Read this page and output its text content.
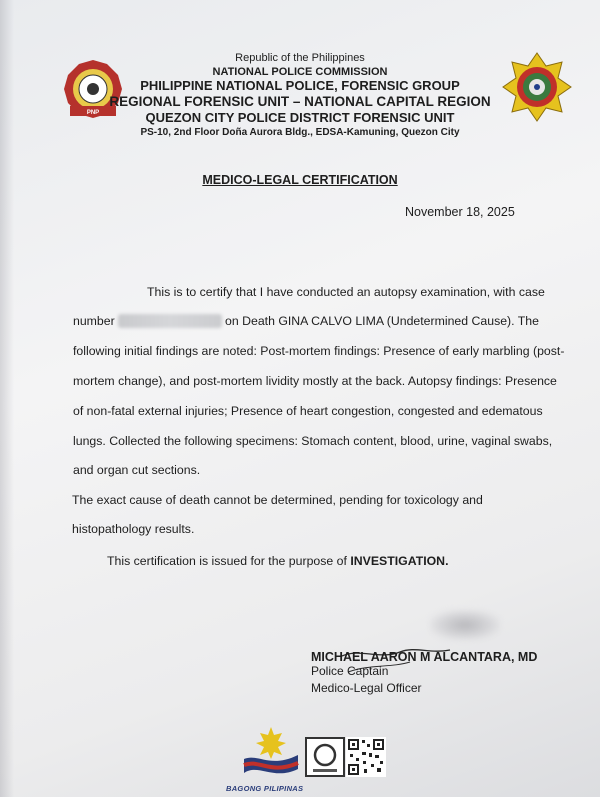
PNP
Republic of the Philippines
NATIONAL POLICE COMMISSION
PHILIPPINE NATIONAL POLICE, FORENSIC GROUP
REGIONAL FORENSIC UNIT – NATIONAL CAPITAL REGION
QUEZON CITY POLICE DISTRICT FORENSIC UNIT
PS-10, 2nd Floor Doña Aurora Bldg., EDSA-Kamuning, Quezon City
MEDICO-LEGAL CERTIFICATION
November 18, 2025
This is to certify that I have conducted an autopsy examination, with case
number	on Death GINA CALVO LIMA (Undetermined Cause). The
following initial findings are noted: Post-mortem findings: Presence of early marbling (post-
mortem change), and post-mortem lividity mostly at the back. Autopsy findings: Presence
of non-fatal external injuries; Presence of heart congestion, congested and edematous
lungs. Collected the following specimens: Stomach content, blood, urine, vaginal swabs,
and organ cut sections.
The exact cause of death cannot be determined, pending for toxicology and
histopathology results.
This certification is issued for the purpose of INVESTIGATION.
MICHAEL AARON M ALCANTARA, MD
Police Captain
Medico-Legal Officer
BAGONG PILIPINAS
